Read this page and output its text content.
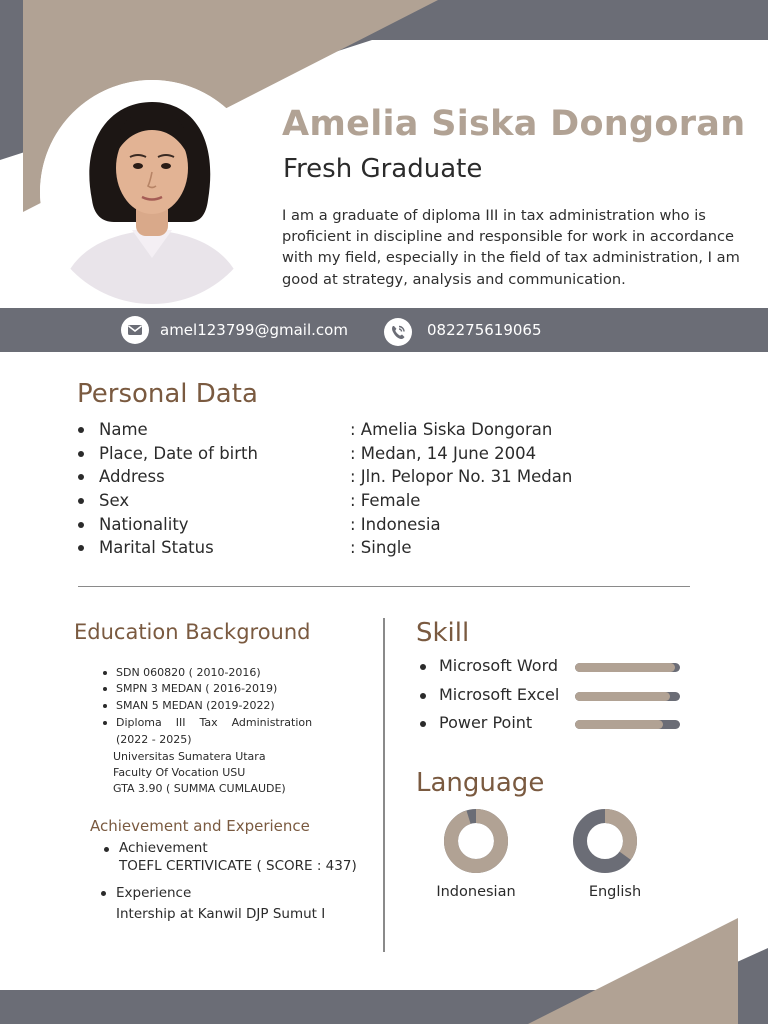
Amelia Siska Dongoran
Fresh Graduate
I am a graduate of diploma III in tax administration who is proficient in discipline and responsible for work in accordance with my field, especially in the field of tax administration, I am good at strategy, analysis and communication.
amel123799@gmail.com	082275619065
Personal Data
Name	: Amelia Siska Dongoran
Place, Date of birth	: Medan, 14 June 2004
Address	: Jln. Pelopor No. 31 Medan
Sex	: Female
Nationality	: Indonesia
Marital Status	: Single
Education Background
SDN 060820 ( 2010-2016)
SMPN 3 MEDAN ( 2016-2019)
SMAN 5 MEDAN (2019-2022)
Diploma    III    Tax    Administration
(2022 - 2025)
Universitas Sumatera Utara
Faculty Of Vocation USU
GTA 3.90 ( SUMMA CUMLAUDE)
Achievement and Experience
Achievement
TOEFL CERTIVICATE ( SCORE : 437)
Experience
Intership at Kanwil DJP Sumut I
Skill
Microsoft Word
Microsoft Excel
Power Point
Language
Indonesian	English
